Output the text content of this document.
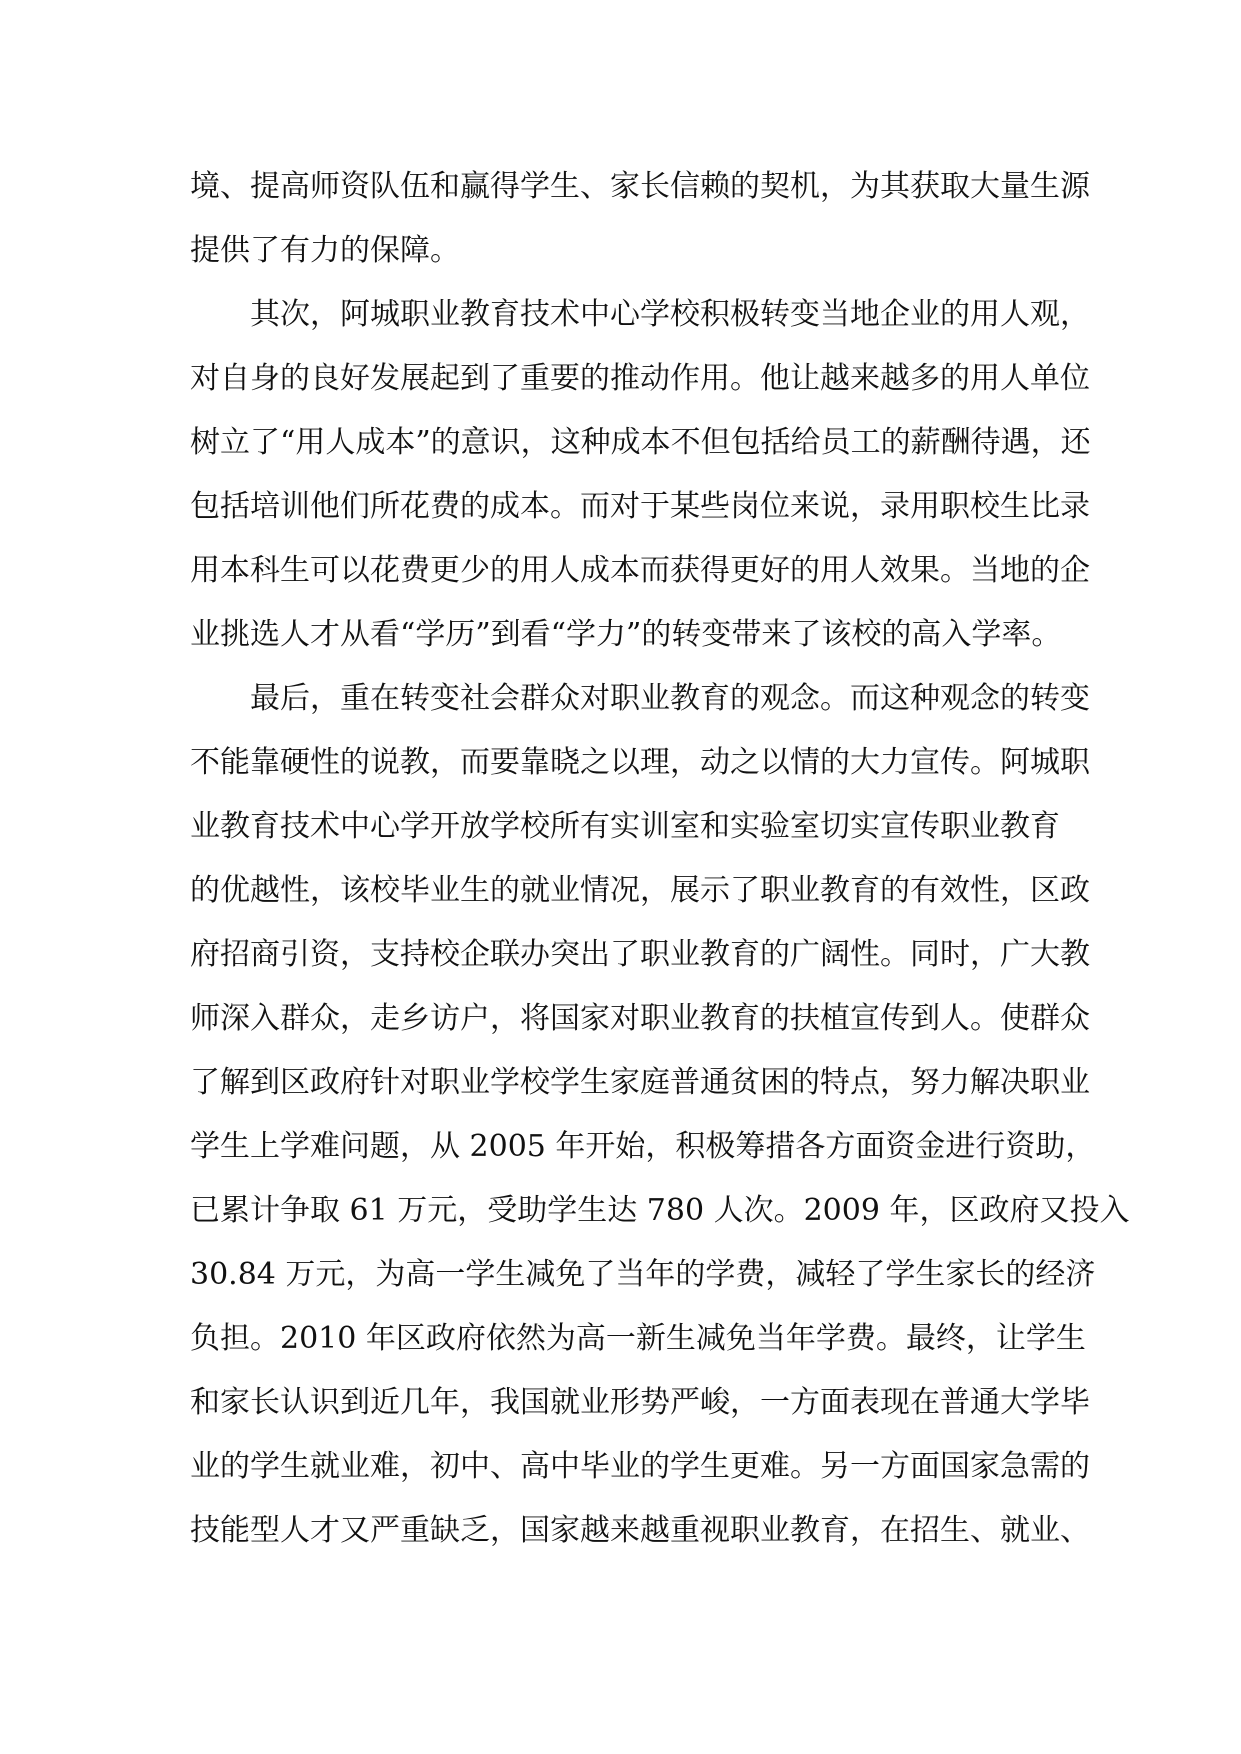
境、提高师资队伍和赢得学生、家长信赖的契机，为其获取大量生源
提供了有力的保障。
其次，阿城职业教育技术中心学校积极转变当地企业的用人观，
对自身的良好发展起到了重要的推动作用。他让越来越多的用人单位
树立了“用人成本”的意识，这种成本不但包括给员工的薪酬待遇，还
包括培训他们所花费的成本。而对于某些岗位来说，录用职校生比录
用本科生可以花费更少的用人成本而获得更好的用人效果。当地的企
业挑选人才从看“学历”到看“学力”的转变带来了该校的高入学率。
最后，重在转变社会群众对职业教育的观念。而这种观念的转变
不能靠硬性的说教，而要靠晓之以理，动之以情的大力宣传。阿城职
业教育技术中心学开放学校所有实训室和实验室切实宣传职业教育
的优越性，该校毕业生的就业情况，展示了职业教育的有效性，区政
府招商引资，支持校企联办突出了职业教育的广阔性。同时，广大教
师深入群众，走乡访户，将国家对职业教育的扶植宣传到人。使群众
了解到区政府针对职业学校学生家庭普通贫困的特点，努力解决职业
学生上学难问题，从 2005 年开始，积极筹措各方面资金进行资助，
已累计争取 61 万元，受助学生达 780 人次。2009 年，区政府又投入
30.84 万元，为高一学生减免了当年的学费，减轻了学生家长的经济
负担。2010 年区政府依然为高一新生减免当年学费。最终，让学生
和家长认识到近几年，我国就业形势严峻，一方面表现在普通大学毕
业的学生就业难，初中、高中毕业的学生更难。另一方面国家急需的
技能型人才又严重缺乏，国家越来越重视职业教育，在招生、就业、
